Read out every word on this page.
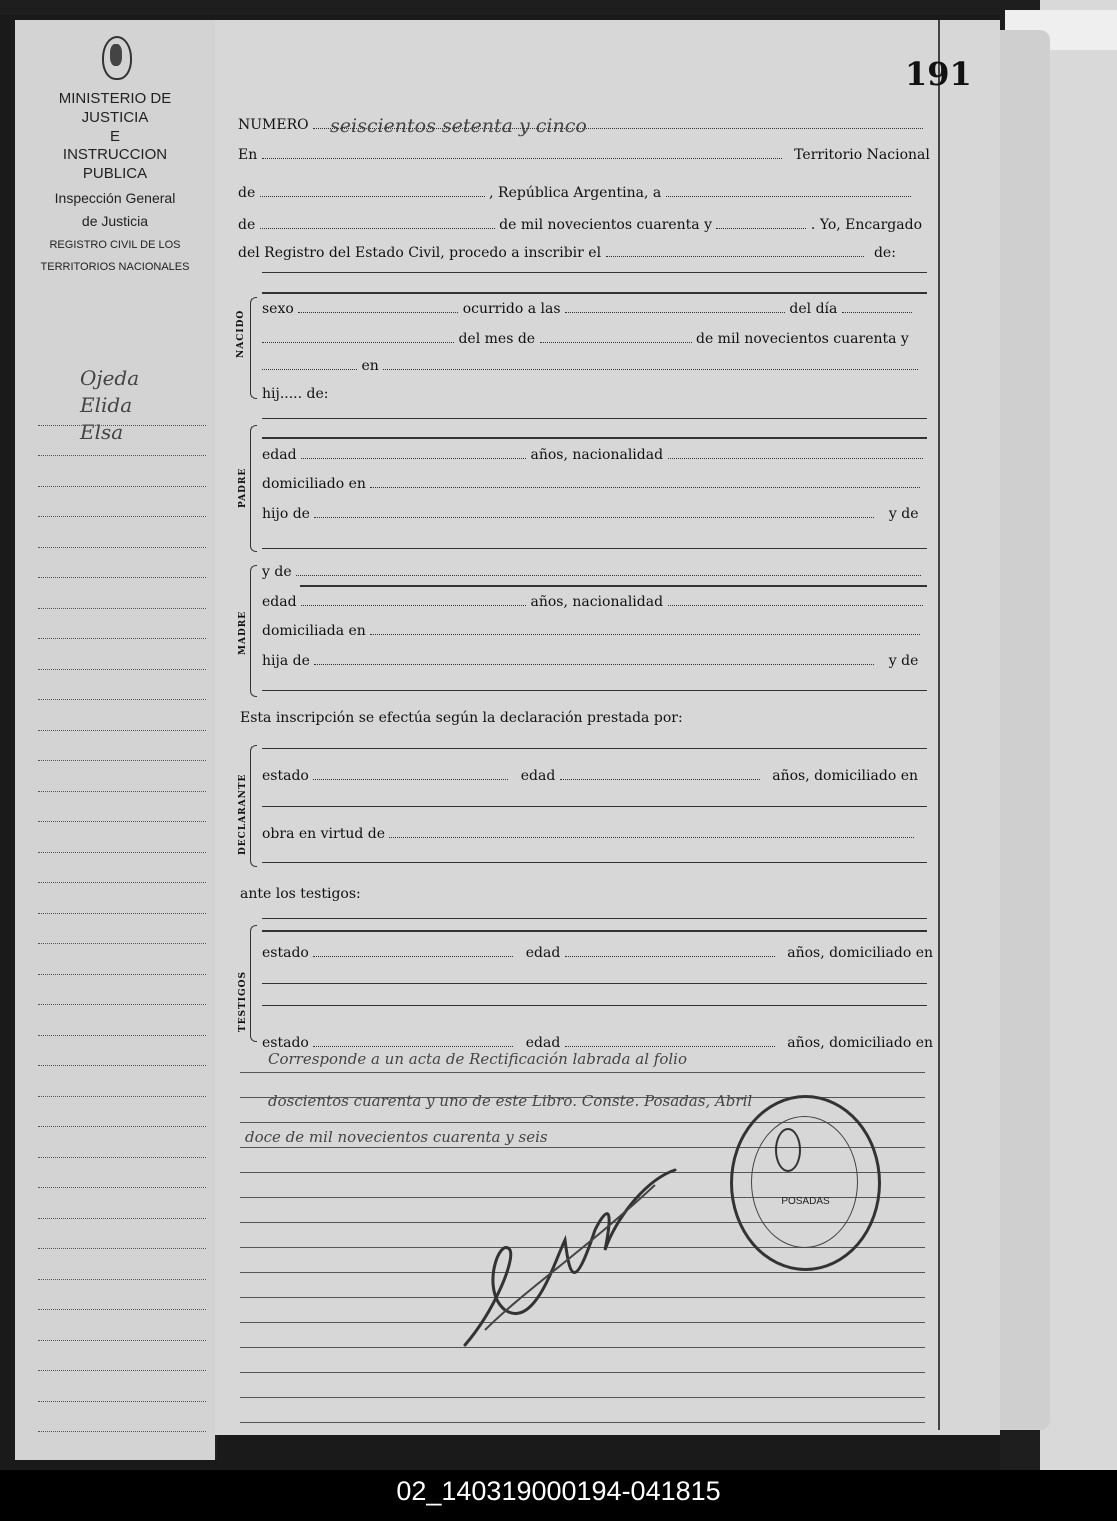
MINISTERIO DE JUSTICIA
E
INSTRUCCION PUBLICA
Inspección General
de Justicia
REGISTRO CIVIL DE LOS
TERRITORIOS NACIONALES
Ojeda
Elida
Elsa
191
NUMERO	seiscientos setenta y cinco
En	Territorio Nacional
de	, República Argentina, a
de	de mil novecientos cuarenta y	. Yo, Encargado
del Registro del Estado Civil, procedo a inscribir el	de:
NACIDO
sexo	ocurrido a las	del día
del mes de	de mil novecientos cuarenta y
en
hij..... de:
PADRE
edad	años, nacionalidad
domiciliado en
hijo de	y de
MADRE
y de
edad	años, nacionalidad
domiciliada en
hija de	y de
Esta inscripción se efectúa según la declaración prestada por:
DECLARANTE estado	edad	años, domiciliado en
obra en virtud de
ante los testigos:
TESTIGOS
estado	edad	años, domiciliado en
estado	edad	años, domiciliado en
Corresponde a un acta de Rectificación labrada al folio
doscientos cuarenta y uno de este Libro. Conste. Posadas, Abril
doce de mil novecientos cuarenta y seis
POSADAS
02_140319000194-041815
